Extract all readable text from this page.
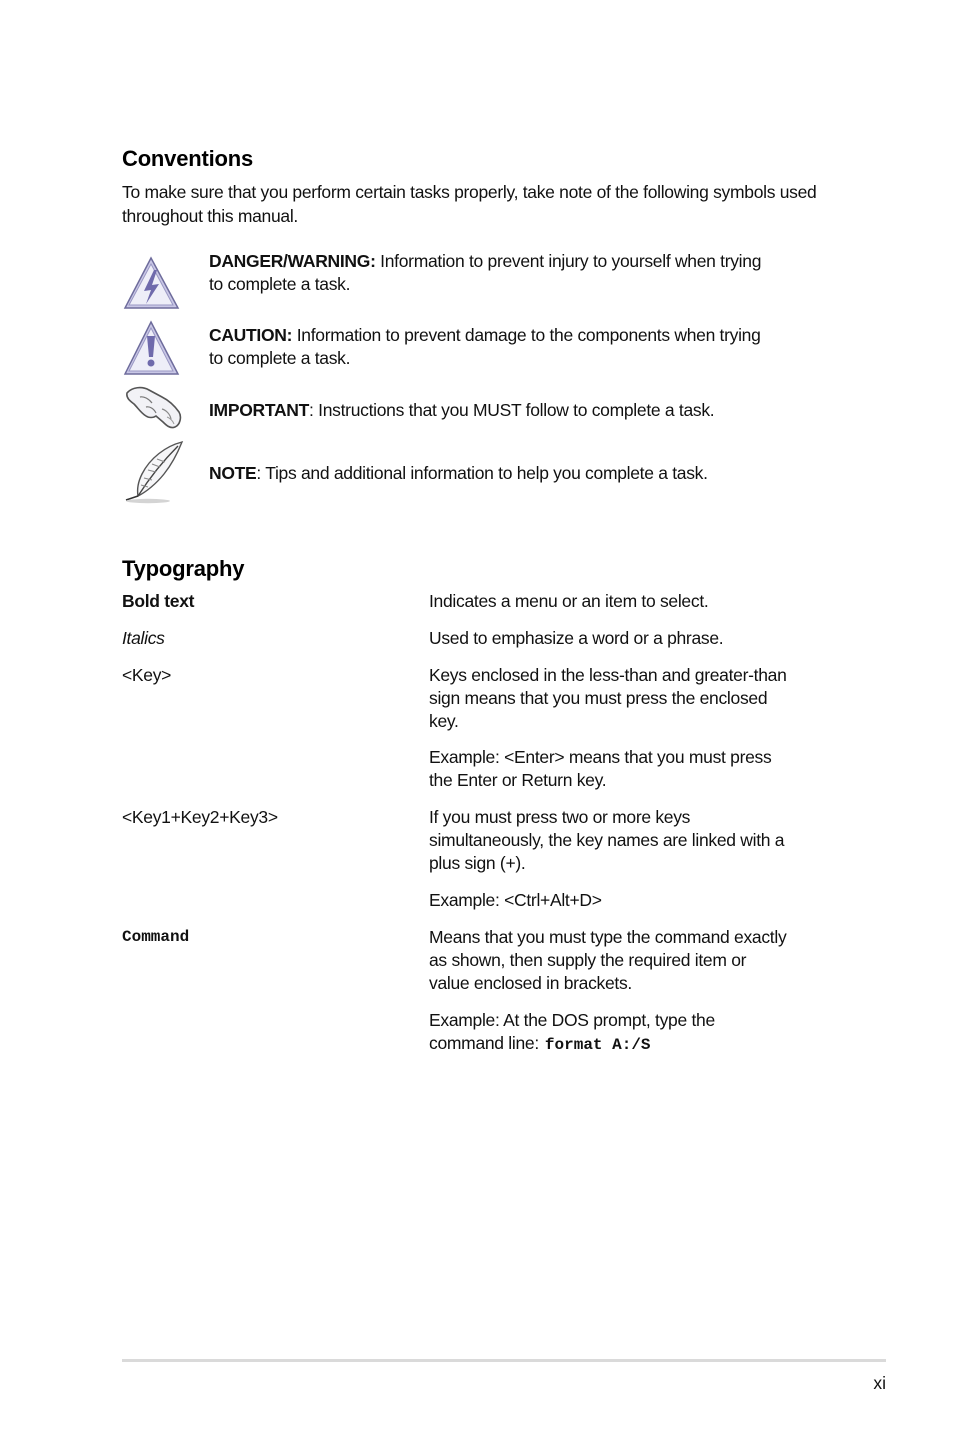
Conventions

To make sure that you perform certain tasks properly, take note of the following symbols used throughout this manual.

DANGER/WARNING: Information to prevent injury to yourself when trying to complete a task.

CAUTION: Information to prevent damage to the components when trying to complete a task.

IMPORTANT: Instructions that you MUST follow to complete a task.

NOTE: Tips and additional information to help you complete a task.

Typography

Bold text	Indicates a menu or an item to select.

Italics	Used to emphasize a word or a phrase.

<Key>	Keys enclosed in the less-than and greater-than sign means that you must press the enclosed key.

Example: <Enter> means that you must press the Enter or Return key.

<Key1+Key2+Key3>	If you must press two or more keys simultaneously, the key names are linked with a plus sign (+).

Example: <Ctrl+Alt+D>

Command	Means that you must type the command exactly as shown, then supply the required item or value enclosed in brackets.

Example: At the DOS prompt, type the command line: format A:/S

xi
